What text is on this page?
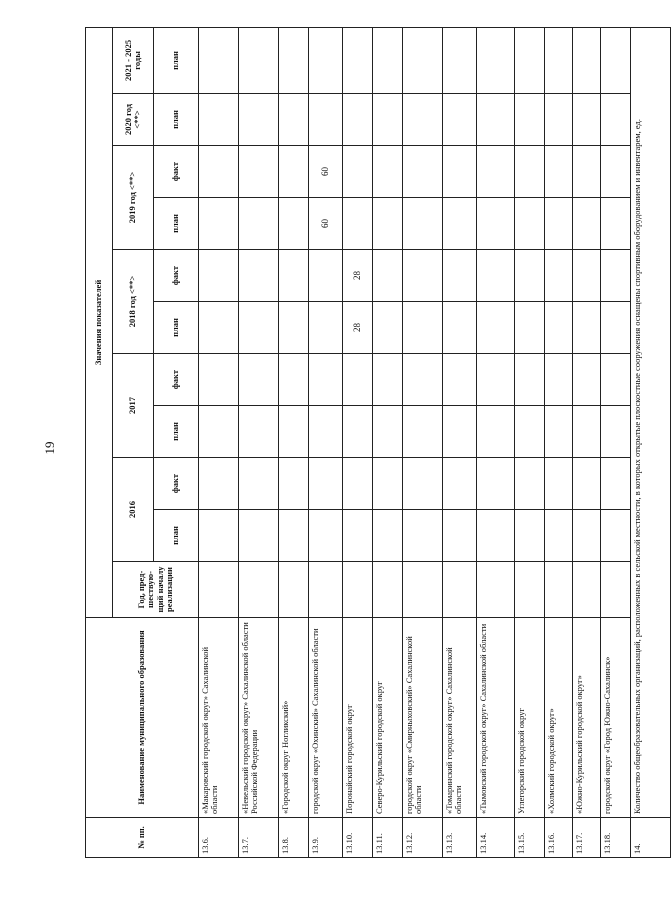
19
№ пп.	Наименование муниципального образования	Значения показателей										
		Год, пред-шествую-щий началу реализации	2016		2017		2018 год <**>		2019 год <**>		2020 год <**>	2021 - 2025 годы
			план	факт	план	факт	план	факт	план	факт	план	план
13.6.	«Макаровский городской округ» Сахалинской области											
13.7.	«Невельский городской округ» Сахалинской области Российской Федерации											
13.8.	«Городской округ Ногликский»											
13.9.	городской округ «Охинский» Сахалинской области								60	60		
13.10.	Поронайский городской округ						28	28				
13.11.	Северо-Курильский городской округ											
13.12.	городской округ «Смирныховский» Сахалинской области											
13.13.	«Томаринский городской округ» Сахалинской области											
13.14.	«Тымовский городской округ» Сахалинской области											
13.15.	Углегорский городской округ											
13.16.	«Холмский городской округ»											
13.17.	«Южно-Курильский городской округ»											
13.18.	городской округ «Город Южно-Сахалинск»											
14.	Количество общеобразовательных организаций, расположенных в сельской местности, в которых открытые плоскостные сооружения оснащены спортивным оборудованием и инвентарем, ед.											
